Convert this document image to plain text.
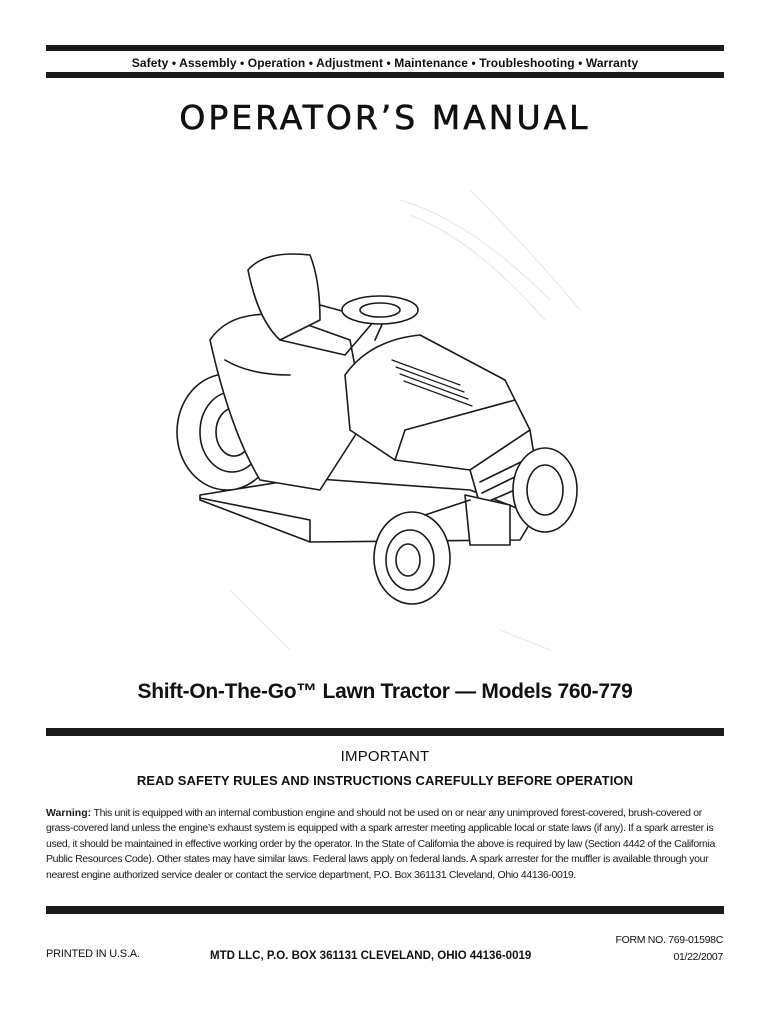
Safety • Assembly • Operation • Adjustment • Maintenance • Troubleshooting • Warranty
OPERATOR’S MANUAL
Shift-On-The-Go™ Lawn Tractor — Models 760-779
IMPORTANT
READ SAFETY RULES AND INSTRUCTIONS CAREFULLY BEFORE OPERATION
Warning: This unit is equipped with an internal combustion engine and should not be used on or near any unimproved forest-covered, brush-covered or grass-covered land unless the engine’s exhaust system is equipped with a spark arrester meeting applicable local or state laws (if any). If a spark arrester is used, it should be maintained in effective working order by the operator. In the State of California the above is required by law (Section 4442 of the California Public Resources Code). Other states may have similar laws. Federal laws apply on federal lands. A spark arrester for the muffler is available through your nearest engine authorized service dealer or contact the service department, P.O. Box 361131 Cleveland, Ohio 44136-0019.
PRINTED IN U.S.A.	MTD LLC, P.O. BOX 361131 CLEVELAND, OHIO 44136-0019
FORM NO. 769-01598C
01/22/2007
